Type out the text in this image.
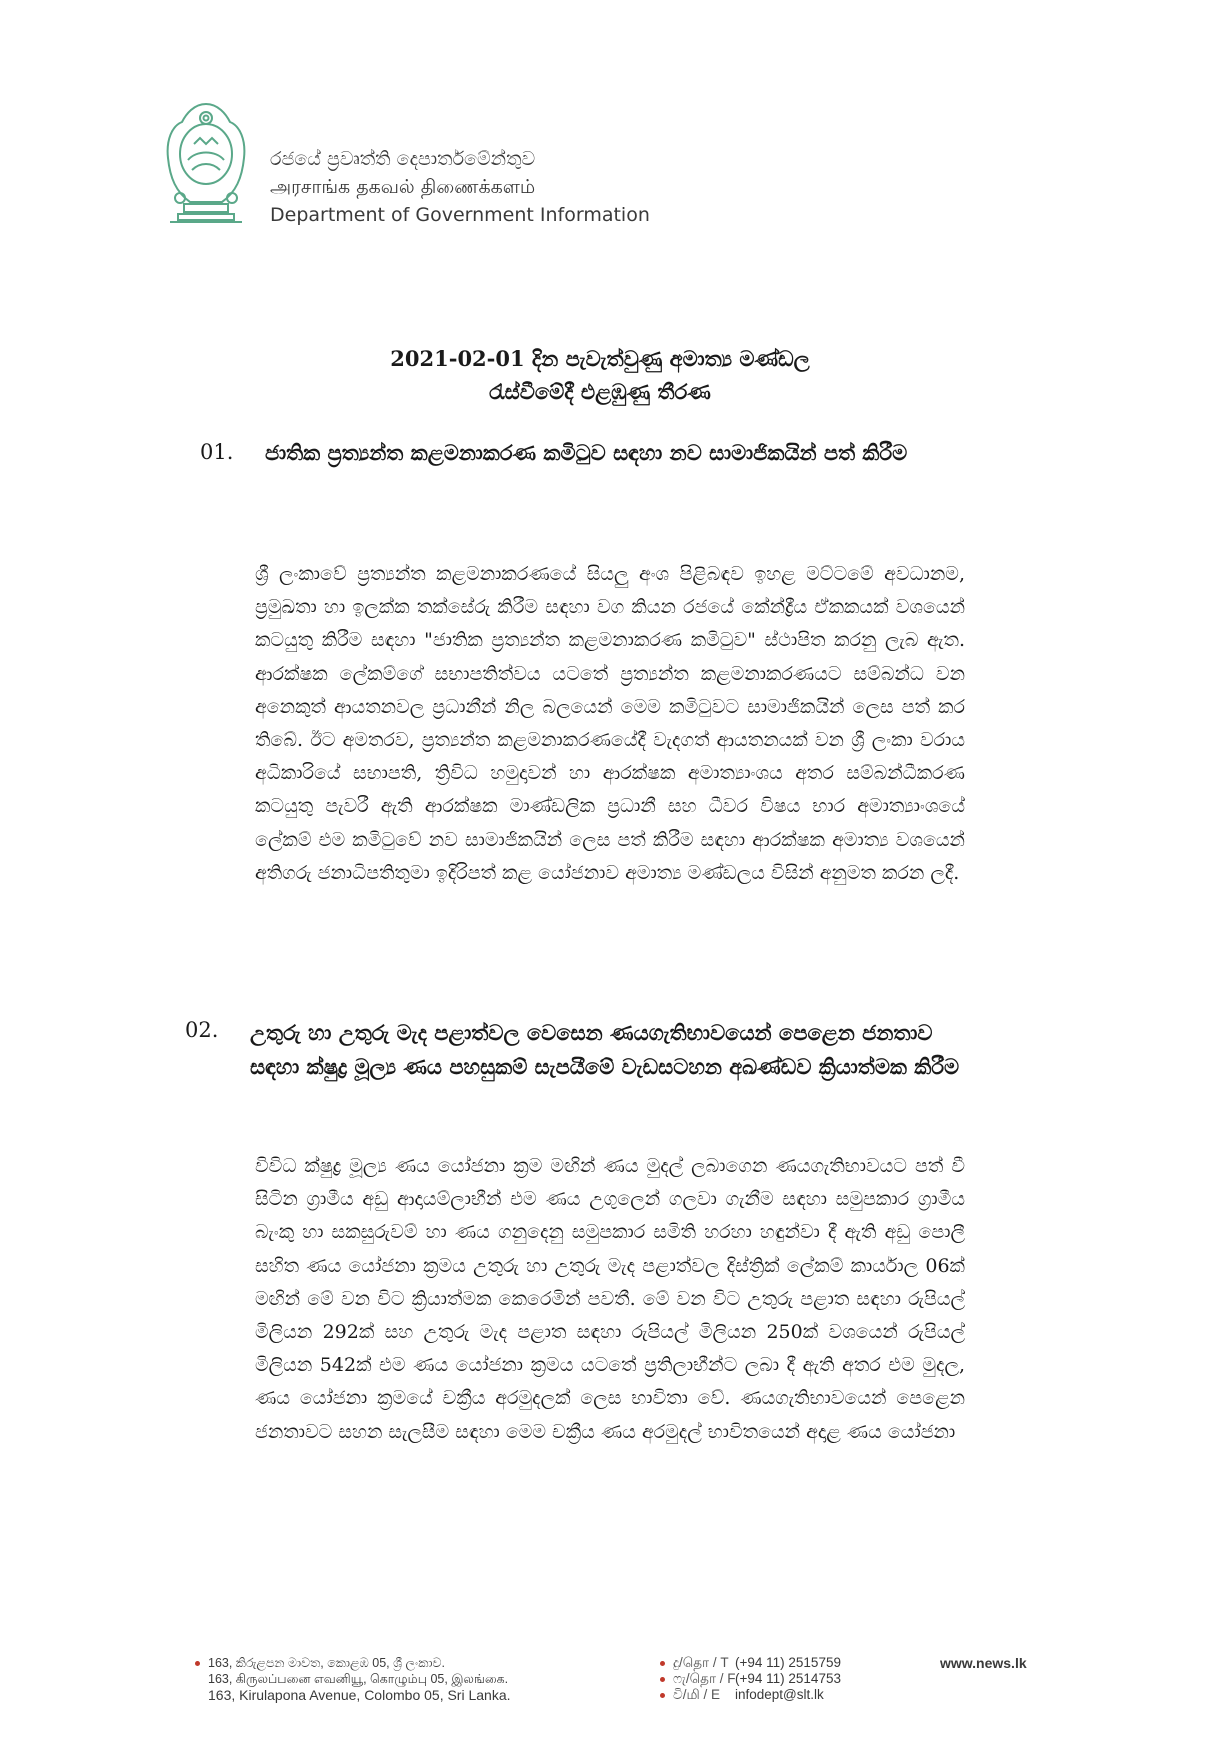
රජයේ ප්‍රවෘත්ති දෙපාර්තමේන්තුව
அரசாங்க தகவல் திணைக்களம்
Department of Government Information
2021-02-01 දින පැවැත්වුණු අමාත්‍ය මණ්ඩල
රැස්වීමේදී එළඹුණු තීරණ
01. ජාතික ප්‍රත්‍යන්ත කළමනාකරණ කමිටුව සඳහා නව සාමාජිකයින් පත් කිරීම
ශ්‍රී ලංකාවේ ප්‍රත්‍යන්ත කළමනාකරණයේ සියලු අංශ පිළිබඳව ඉහළ මට්ටමේ අවධානම, ප්‍රමුඛතා හා ඉලක්ක තක්සේරු කිරීම සඳහා වග කියන රජයේ කේන්ද්‍රීය ඒකකයක් වශයෙන් කටයුතු කිරීම සඳහා "ජාතික ප්‍රත්‍යන්ත කළමනාකරණ කමිටුව" ස්ථාපිත කරනු ලැබ ඇත. ආරක්ෂක ලේකම්ගේ සභාපතිත්වය යටතේ ප්‍රත්‍යන්ත කළමනාකරණයට සම්බන්ධ වන අනෙකුත් ආයතනවල ප්‍රධානීන් නිල බලයෙන් මෙම කමිටුවට සාමාජිකයින් ලෙස පත් කර තිබේ. ඊට අමතරව, ප්‍රත්‍යන්ත කළමනාකරණයේදී වැදගත් ආයතනයක් වන ශ්‍රී ලංකා වරාය අධිකාරියේ සභාපති, ත්‍රිවිධ හමුදාවන් හා ආරක්ෂක අමාත්‍යාංශය අතර සම්බන්ධීකරණ කටයුතු පැවරී ඇති ආරක්ෂක මාණ්ඩලික ප්‍රධානී සහ ධීවර විෂය භාර අමාත්‍යාංශයේ ලේකම් එම කමිටුවේ නව සාමාජිකයින් ලෙස පත් කිරීම සඳහා ආරක්ෂක අමාත්‍ය වශයෙන් අතිගරු ජනාධිපතිතුමා ඉදිරිපත් කළ යෝජනාව අමාත්‍ය මණ්ඩලය විසින් අනුමත කරන ලදී.
02. උතුරු හා උතුරු මැද පළාත්වල වෙසෙන ණයගැතිභාවයෙන් පෙළෙන ජනතාව සඳහා ක්ෂුද්‍ර මූල්‍ය ණය පහසුකම් සැපයීමේ වැඩසටහන අඛණ්ඩව ක්‍රියාත්මක කිරීම
විවිධ ක්ෂුද්‍ර මූල්‍ය ණය යෝජනා ක්‍රම මඟින් ණය මුදල් ලබාගෙන ණයගැතිභාවයට පත් වී සිටින ග්‍රාමීය අඩු ආදායම්ලාභීන් එම ණය උගුලෙන් ගලවා ගැනීම සඳහා සමුපකාර ග්‍රාමීය බැංකු හා සකසුරුවම් හා ණය ගනුදෙනු සමුපකාර සමිති හරහා හඳුන්වා දී ඇති අඩු පොලී සහිත ණය යෝජනා ක්‍රමය උතුරු හා උතුරු මැද පළාත්වල දිස්ත්‍රික් ලේකම් කාර්යාල 06ක් මඟින් මේ වන විට ක්‍රියාත්මක කෙරෙමින් පවතී. මේ වන විට උතුරු පළාත සඳහා රුපියල් මිලියන 292ක් සහ උතුරු මැද පළාත සඳහා රුපියල් මිලියන 250ක් වශයෙන් රුපියල් මිලියන 542ක් එම ණය යෝජනා ක්‍රමය යටතේ ප්‍රතිලාභීන්ට ලබා දී ඇති අතර එම මුදල, ණය යෝජනා ක්‍රමයේ චක්‍රීය අරමුදලක් ලෙස භාවිතා වේ. ණයගැතිභාවයෙන් පෙළෙන ජනතාවට සහන සැලසීම සඳහා මෙම චක්‍රීය ණය අරමුදල් භාවිතයෙන් අදාළ ණය යෝජනා
163, කිරුළපන මාවත, කොළඹ 05, ශ්‍රී ලංකාව.
163, கிருலப்பனை எவனியூ, கொழும்பு 05, இலங்கை.
163, Kirulapona Avenue, Colombo 05, Sri Lanka.
දු/தொ / T (+94 11) 2515759
ෆැ/தொ / F(+94 11) 2514753
වි/மி / E infodept@slt.lk
www.news.lk
